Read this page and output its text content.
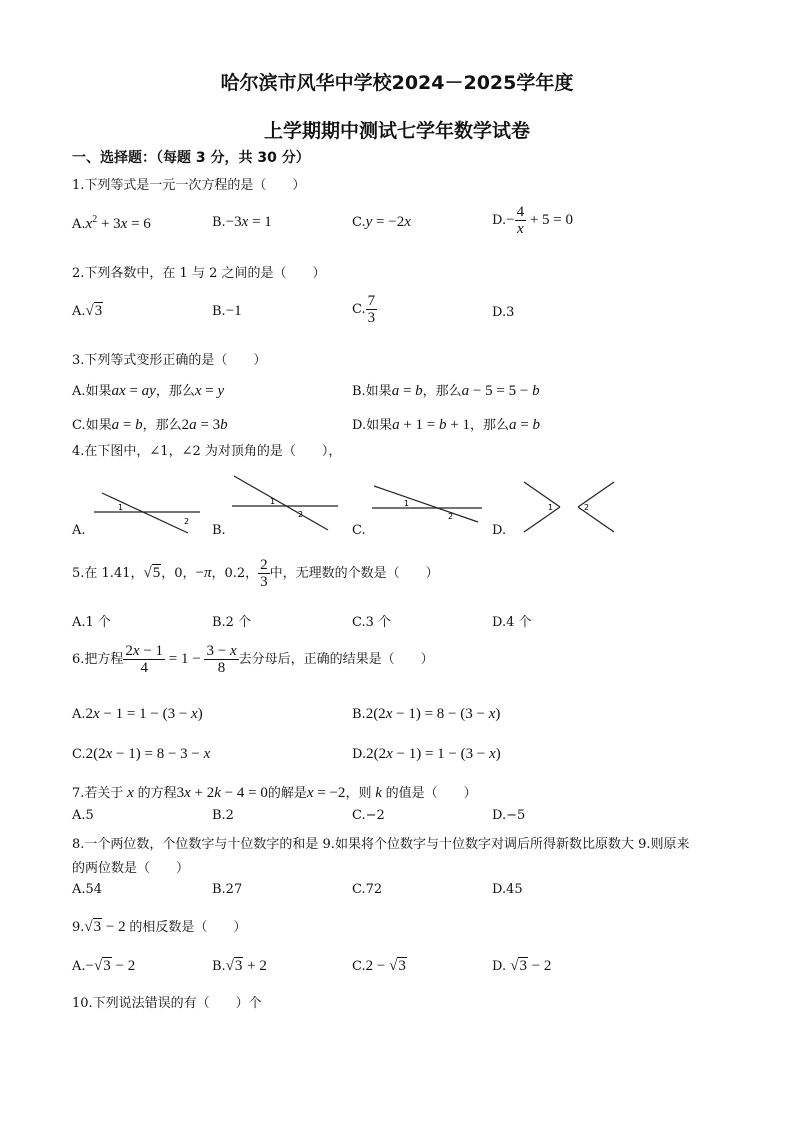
哈尔滨市风华中学校2024－2025学年度
上学期期中测试七学年数学试卷
一、选择题：（每题 3 分，共 30 分）
1.下列等式是一元一次方程的是（　　）
$A.x^2 + 3x = 6$	B.−3x = 1	C.y = −2x	$D.- \frac{4}{x} + 5 = 0$
2.下列各数中，在 1 与 2 之间的是（　　）
A.√3	B.−1	C. $\frac{7}{3}$	D.3
3.下列等式变形正确的是（　　）
A.如果ax = ay，那么x = y	B.如果a = b，那么a − 5 = 5 − b
C.如果a = b，那么2a = 3b	D.如果a + 1 = b + 1，那么a = b
4.在下图中，∠1，∠2 为对顶角的是（　　），
A.	B.	C.	D.
1
2
1
2
1
2
1	2
5.在 1.41，√5，0，−π，0.2， $\frac{2}{3}$ 中，无理数的个数是（　　）
A.1 个	B.2 个	C.3 个	D.4 个
6.把方程 $\frac{2x - 1}{4} = 1 - \frac{3 - x}{8}$ 去分母后，正确的结果是（　　）
A.2x − 1 = 1 − (3 − x)	B.2(2x − 1) = 8 − (3 − x)
C.2(2x − 1) = 8 − 3 − x	D.2(2x − 1) = 1 − (3 − x)
7.若关于 x 的方程3x + 2k − 4 = 0的解是x = −2，则 k 的值是（　　）
A.5	B.2	C.−2	D.−5
8.一个两位数，个位数字与十位数字的和是 9.如果将个位数字与十位数字对调后所得新数比原数大 9.则原来
的两位数是（　　）
A.54	B.27	C.72	D.45
9.√3 − 2 的相反数是（　　）
A.−√3 − 2	B.√3 + 2	C.2 − √3	D. √3 − 2
10.下列说法错误的有（　　）个
